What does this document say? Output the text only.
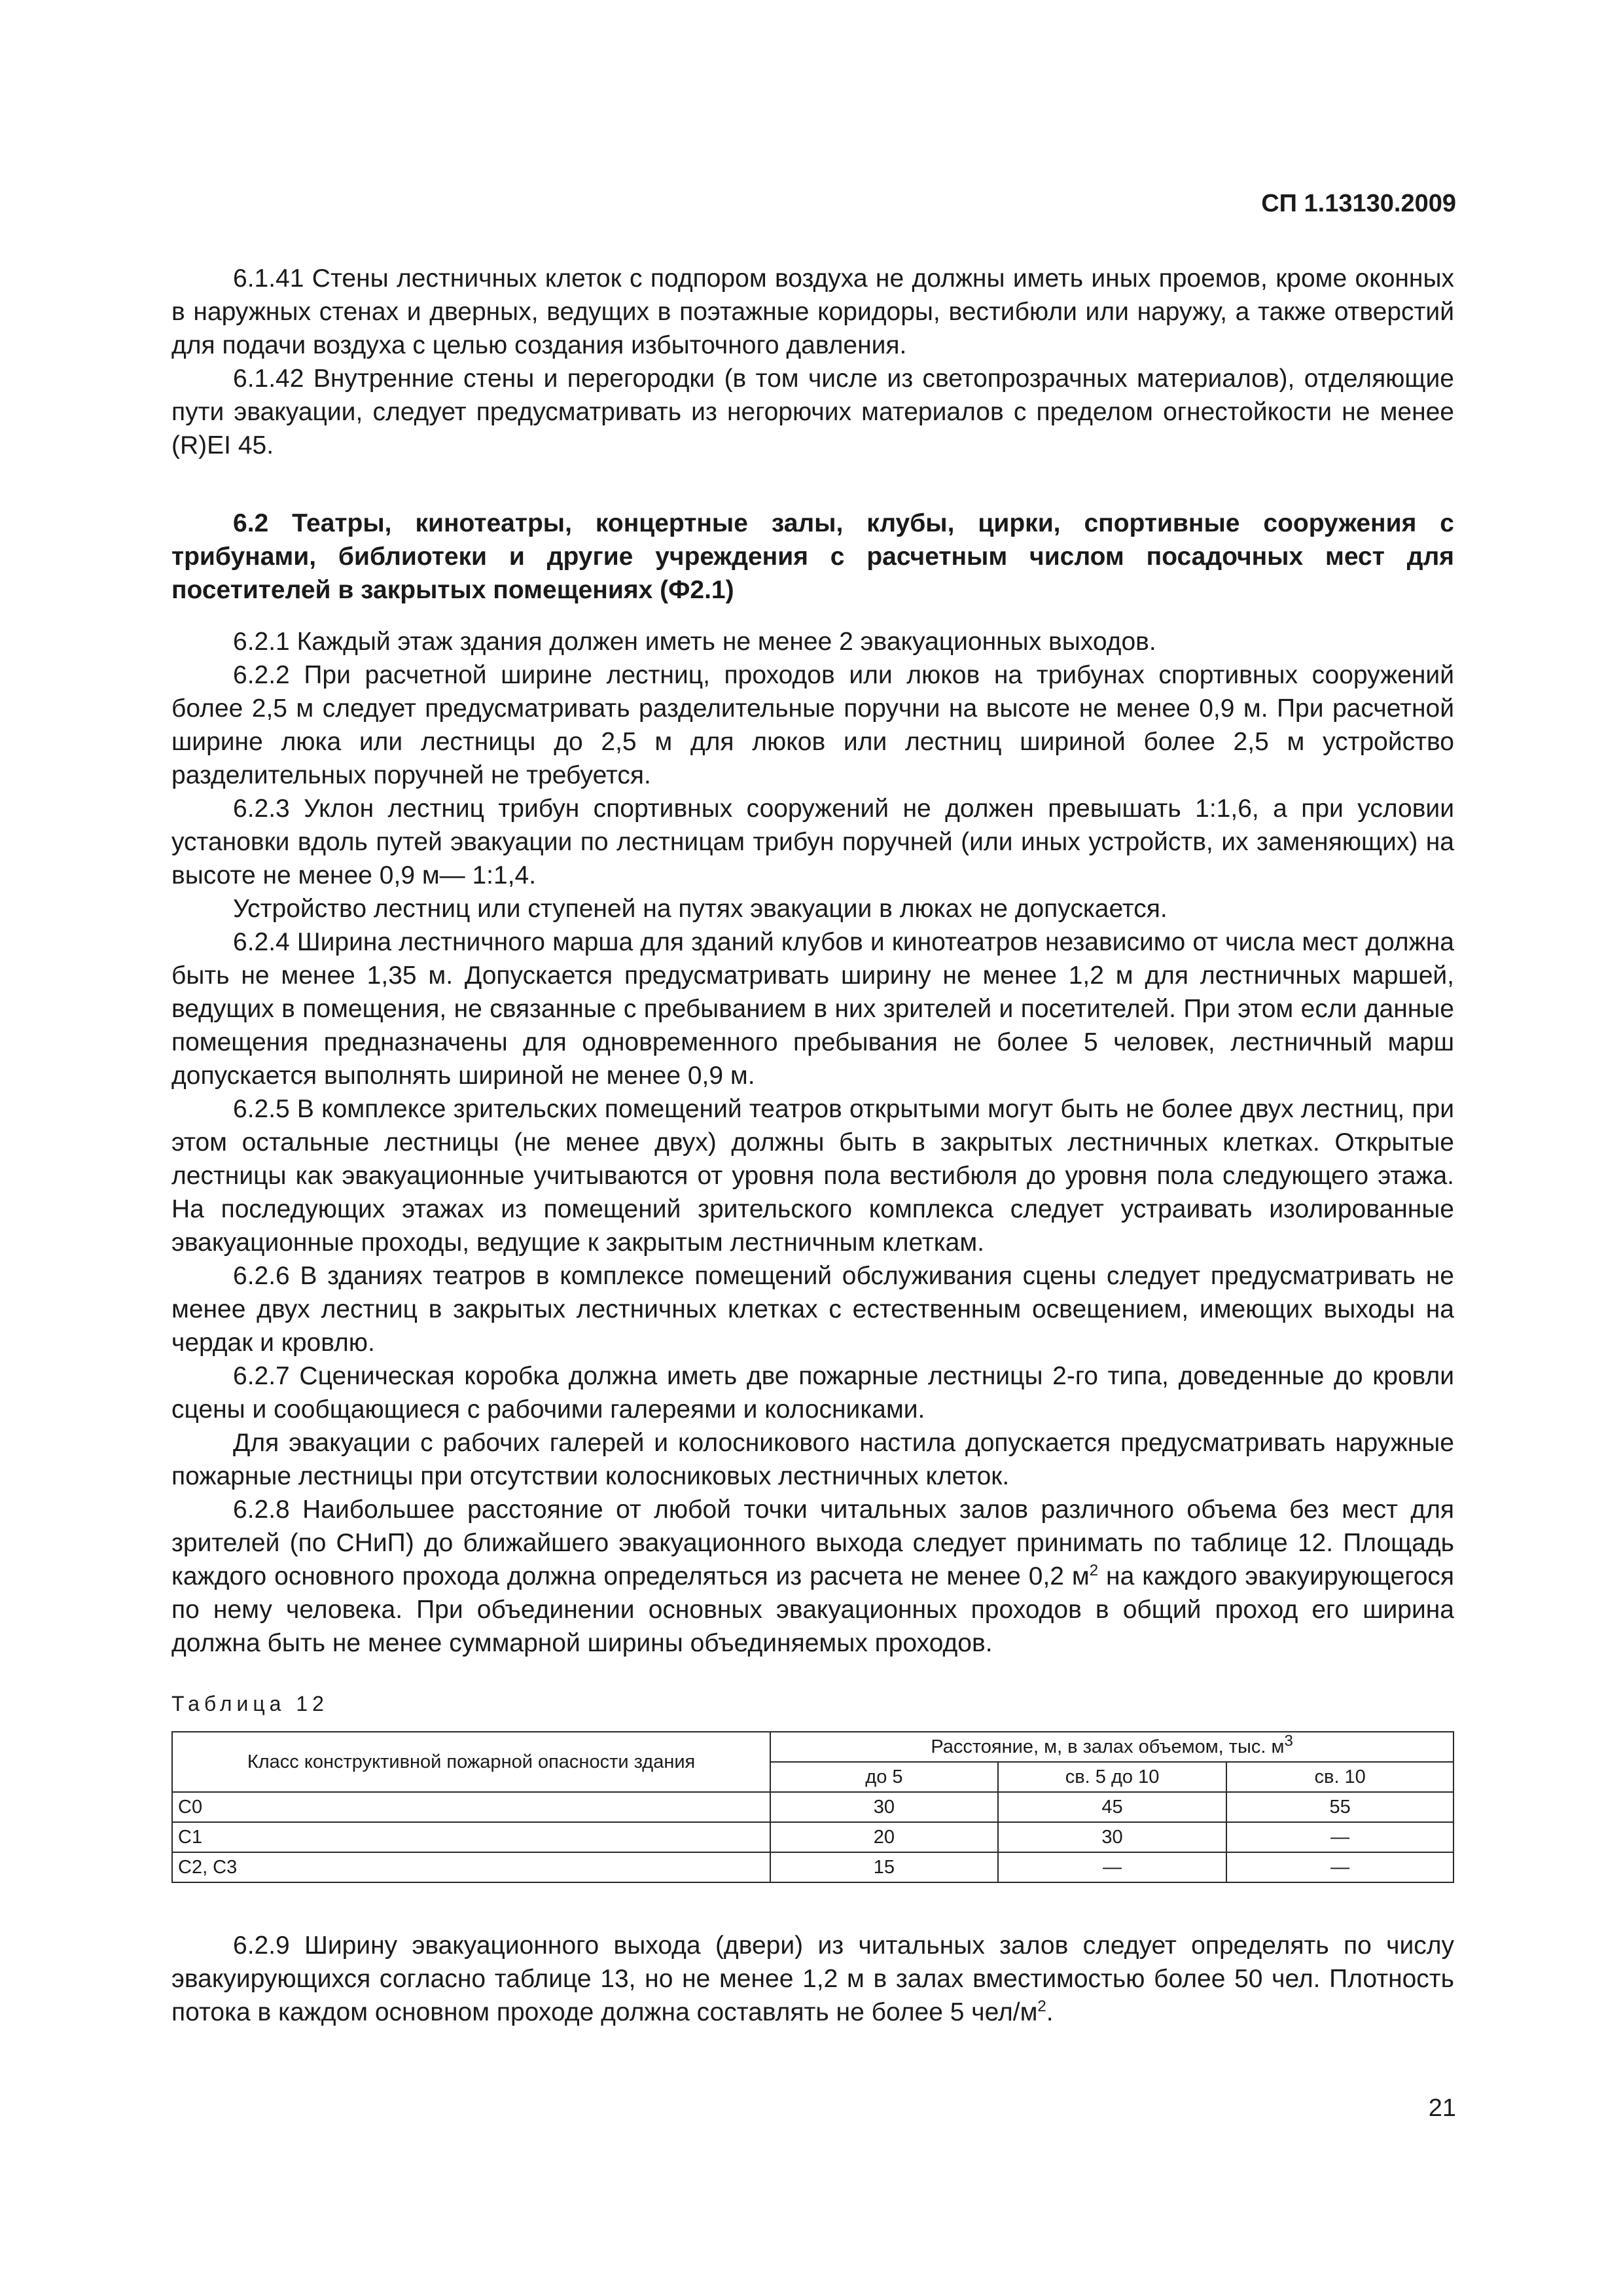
СП 1.13130.2009

6.1.41 Стены лестничных клеток с подпором воздуха не должны иметь иных проемов, кроме оконных в наружных стенах и дверных, ведущих в поэтажные коридоры, вестибюли или наружу, а также отверстий для подачи воздуха с целью создания избыточного давления.

6.1.42 Внутренние стены и перегородки (в том числе из светопрозрачных материалов), отделяющие пути эвакуации, следует предусматривать из негорючих материалов с пределом огнестойкости не менее (R)EI 45.

6.2 Театры, кинотеатры, концертные залы, клубы, цирки, спортивные сооружения с трибунами, библиотеки и другие учреждения с расчетным числом посадочных мест для посетителей в закрытых помещениях (Ф2.1)

6.2.1 Каждый этаж здания должен иметь не менее 2 эвакуационных выходов.

6.2.2 При расчетной ширине лестниц, проходов или люков на трибунах спортивных сооружений более 2,5 м следует предусматривать разделительные поручни на высоте не менее 0,9 м. При расчетной ширине люка или лестницы до 2,5 м для люков или лестниц шириной более 2,5 м устройство разделительных поручней не требуется.

6.2.3 Уклон лестниц трибун спортивных сооружений не должен превышать 1:1,6, а при условии установки вдоль путей эвакуации по лестницам трибун поручней (или иных устройств, их заменяющих) на высоте не менее 0,9 м— 1:1,4.

Устройство лестниц или ступеней на путях эвакуации в люках не допускается.

6.2.4 Ширина лестничного марша для зданий клубов и кинотеатров независимо от числа мест должна быть не менее 1,35 м. Допускается предусматривать ширину не менее 1,2 м для лестничных маршей, ведущих в помещения, не связанные с пребыванием в них зрителей и посетителей. При этом если данные помещения предназначены для одновременного пребывания не более 5 человек, лестничный марш допускается выполнять шириной не менее 0,9 м.

6.2.5 В комплексе зрительских помещений театров открытыми могут быть не более двух лестниц, при этом остальные лестницы (не менее двух) должны быть в закрытых лестничных клетках. Открытые лестницы как эвакуационные учитываются от уровня пола вестибюля до уровня пола следующего этажа. На последующих этажах из помещений зрительского комплекса следует устраивать изолированные эвакуационные проходы, ведущие к закрытым лестничным клеткам.

6.2.6 В зданиях театров в комплексе помещений обслуживания сцены следует предусматривать не менее двух лестниц в закрытых лестничных клетках с естественным освещением, имеющих выходы на чердак и кровлю.

6.2.7 Сценическая коробка должна иметь две пожарные лестницы 2-го типа, доведенные до кровли сцены и сообщающиеся с рабочими галереями и колосниками.

Для эвакуации с рабочих галерей и колосникового настила допускается предусматривать наружные пожарные лестницы при отсутствии колосниковых лестничных клеток.

6.2.8 Наибольшее расстояние от любой точки читальных залов различного объема без мест для зрителей (по СНиП) до ближайшего эвакуационного выхода следует принимать по таблице 12. Площадь каждого основного прохода должна определяться из расчета не менее 0,2 $м^2$ на каждого эвакуирующегося по нему человека. При объединении основных эвакуационных проходов в общий проход его ширина должна быть не менее суммарной ширины объединяемых проходов.

Таблица 12

Класс конструктивной пожарной опасности здания	Расстояние, м, в залах объемом, тыс. $м^3$
	до 5	св. 5 до 10	св. 10
С0	30	45	55
С1	20	30	—
С2, С3	15	—	—

6.2.9 Ширину эвакуационного выхода (двери) из читальных залов следует определять по числу эвакуирующихся согласно таблице 13, но не менее 1,2 м в залах вместимостью более 50 чел. Плотность потока в каждом основном проходе должна составлять не более 5 чел/$м^2$.

21
